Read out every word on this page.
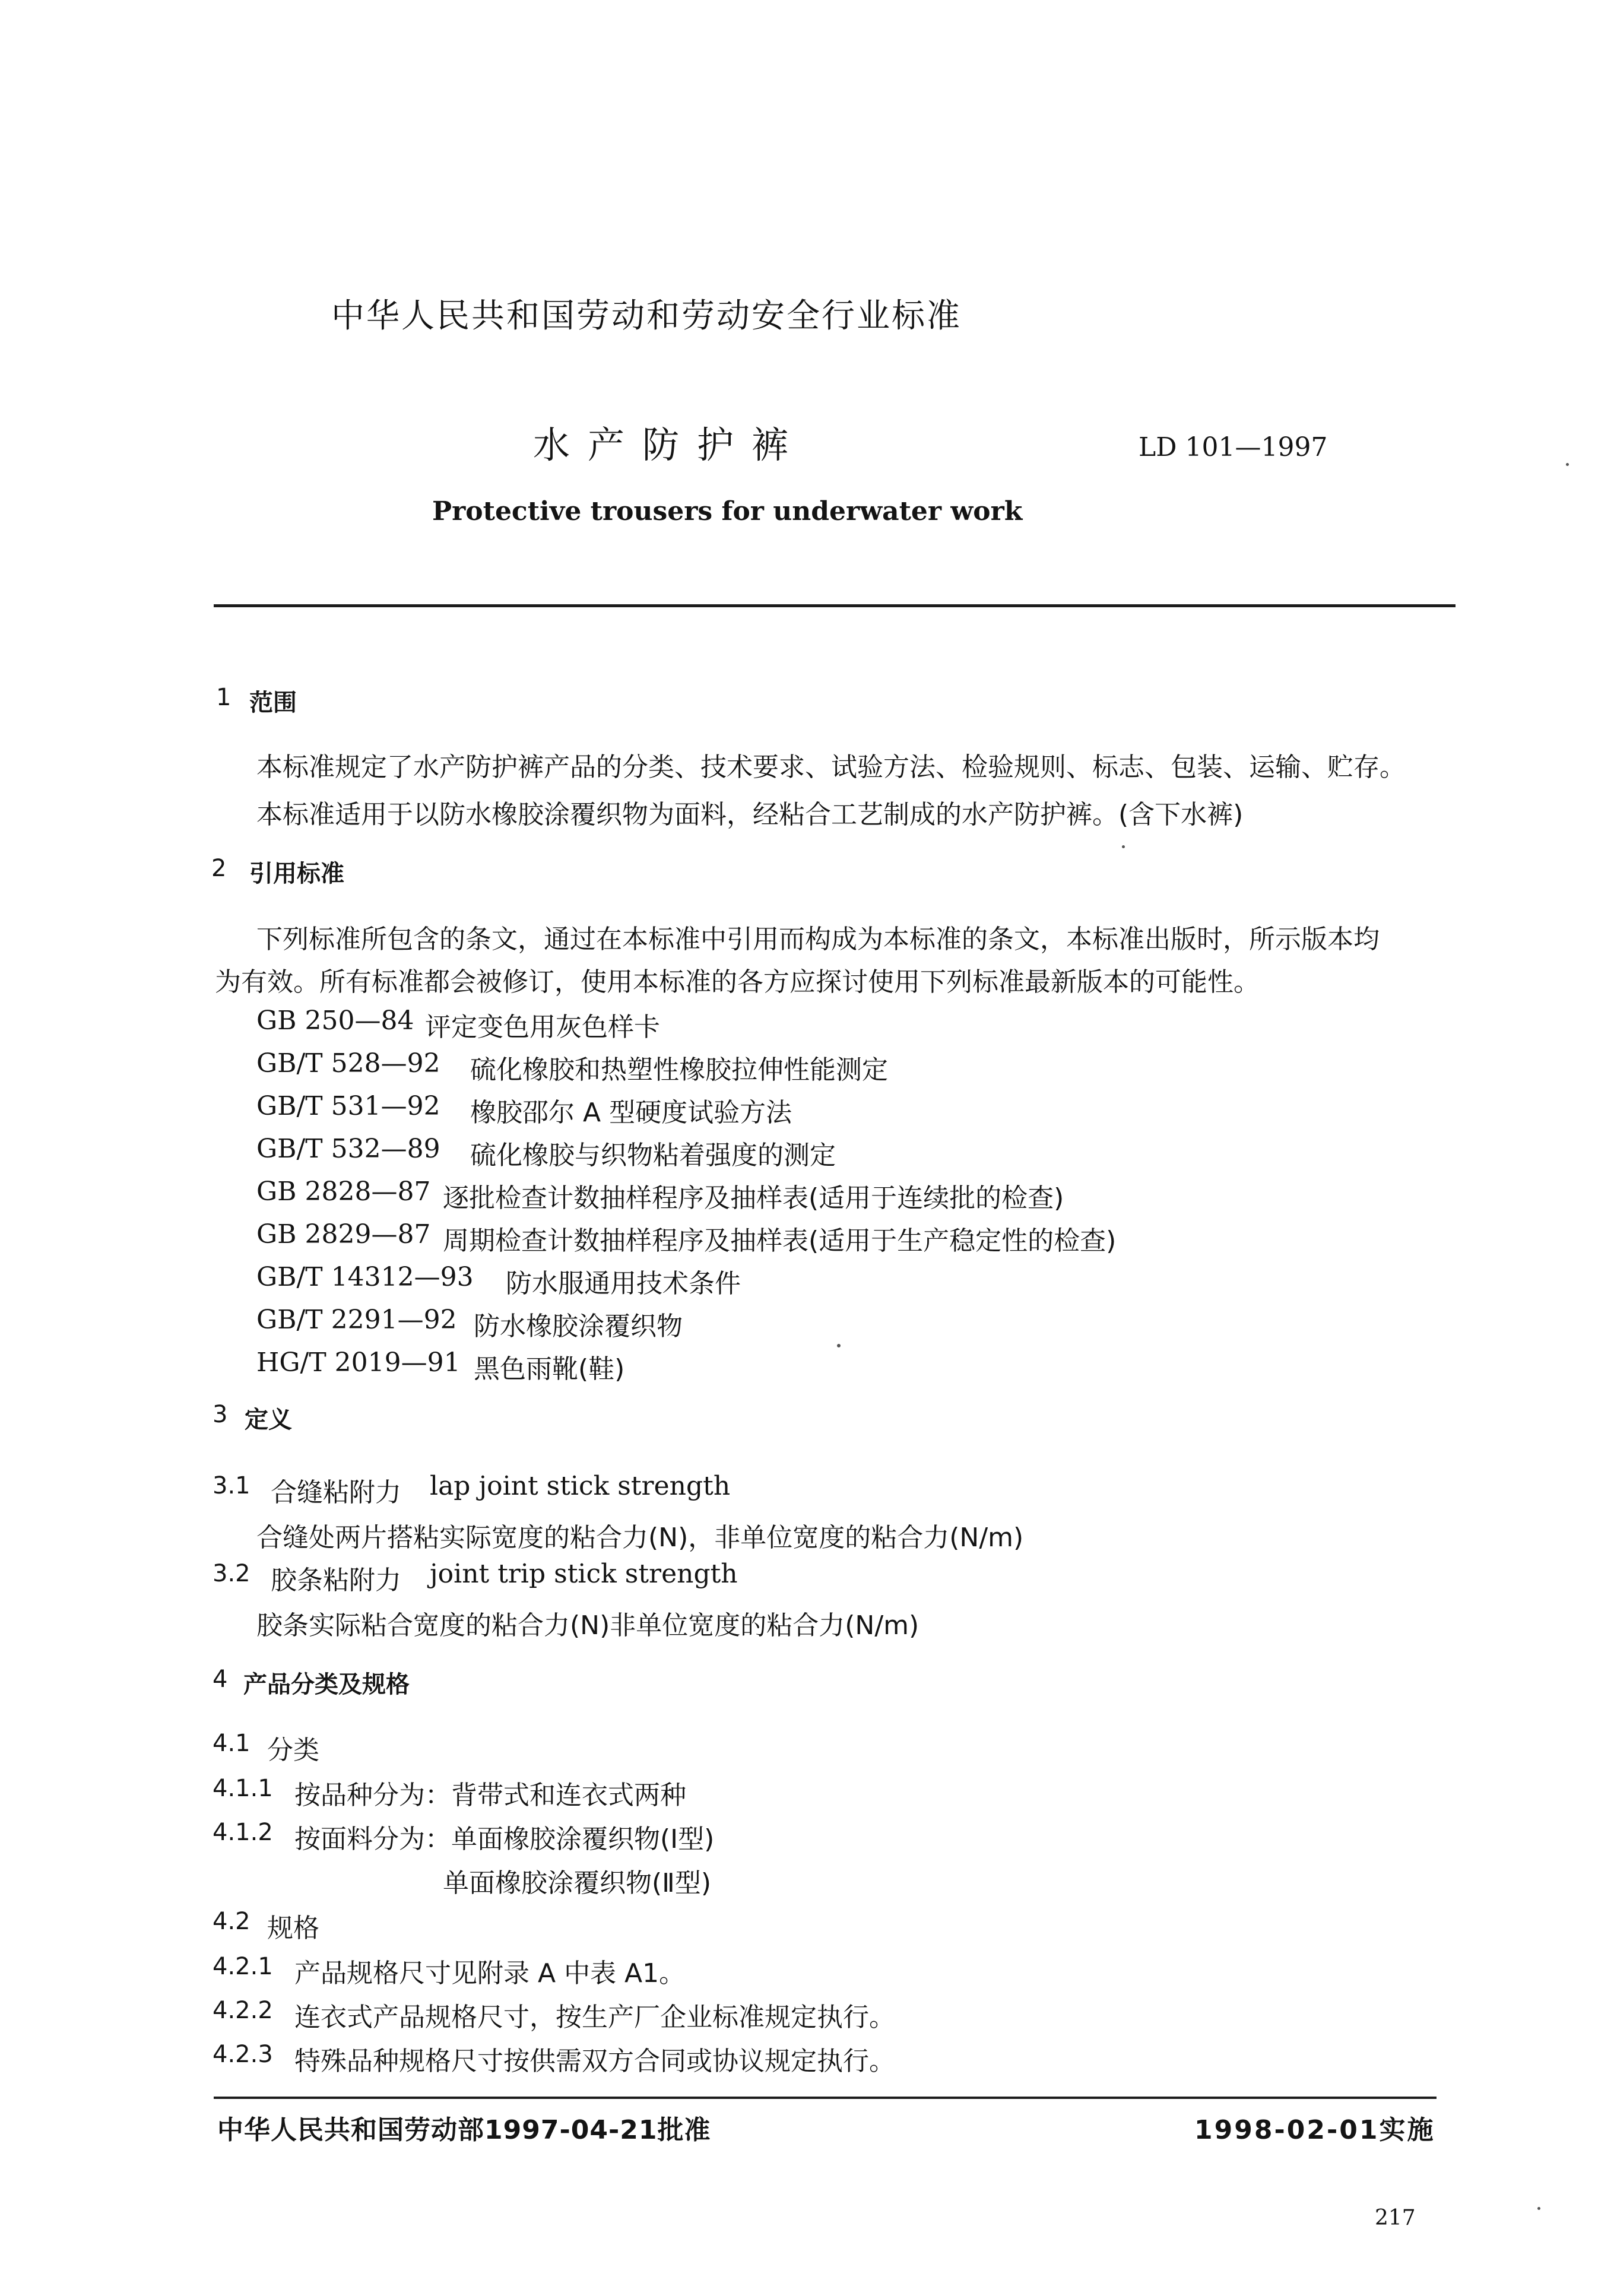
中华人民共和国劳动和劳动安全行业标准
水产防护裤	LD 101—1997
Protective trousers for underwater work
1 范围
本标准规定了水产防护裤产品的分类、技术要求、试验方法、检验规则、标志、包装、运输、贮存。
本标准适用于以防水橡胶涂覆织物为面料，经粘合工艺制成的水产防护裤。(含下水裤)
2 引用标准
下列标准所包含的条文，通过在本标准中引用而构成为本标准的条文，本标准出版时，所示版本均
为有效。所有标准都会被修订，使用本标准的各方应探讨使用下列标准最新版本的可能性。
GB 250—84 评定变色用灰色样卡
GB/T 528—92 硫化橡胶和热塑性橡胶拉伸性能测定
GB/T 531—92 橡胶邵尔 A 型硬度试验方法
GB/T 532—89 硫化橡胶与织物粘着强度的测定
GB 2828—87 逐批检查计数抽样程序及抽样表(适用于连续批的检查)
GB 2829—87 周期检查计数抽样程序及抽样表(适用于生产稳定性的检查)
GB/T 14312—93 防水服通用技术条件
GB/T 2291—92 防水橡胶涂覆织物
HG/T 2019—91 黑色雨靴(鞋)
3 定义
3.1 合缝粘附力 lap joint stick strength
合缝处两片搭粘实际宽度的粘合力(N)，非单位宽度的粘合力(N/m)
3.2 胶条粘附力 joint trip stick strength
胶条实际粘合宽度的粘合力(N)非单位宽度的粘合力(N/m)
4 产品分类及规格
4.1 分类
4.1.1 按品种分为：背带式和连衣式两种
4.1.2 按面料分为：单面橡胶涂覆织物(Ⅰ型)
单面橡胶涂覆织物(Ⅱ型)
4.2 规格
4.2.1 产品规格尺寸见附录 A 中表 A1。
4.2.2 连衣式产品规格尺寸，按生产厂企业标准规定执行。
4.2.3 特殊品种规格尺寸按供需双方合同或协议规定执行。
中华人民共和国劳动部1997-04-21批准	1998-02-01实施
217
